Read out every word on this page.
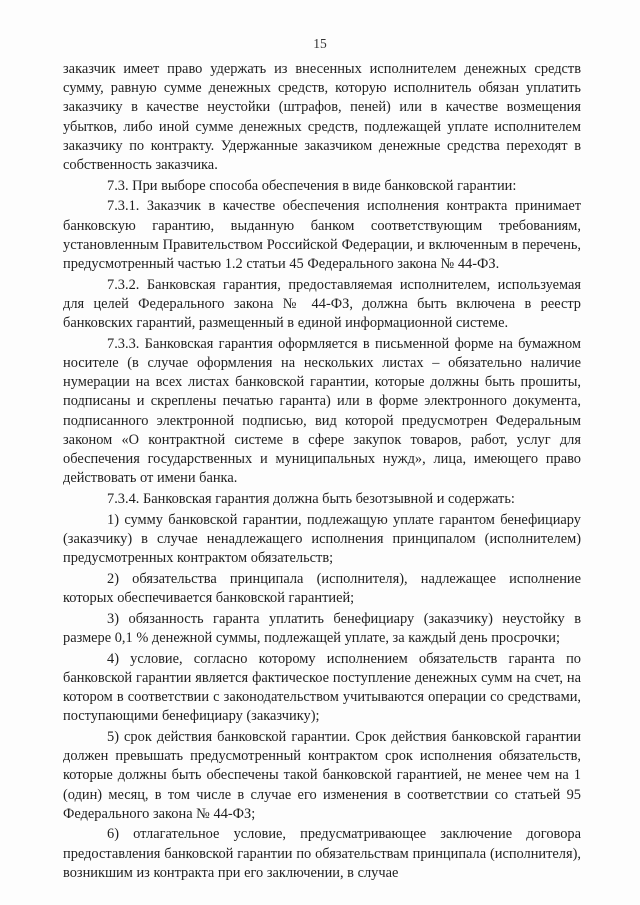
15

заказчик имеет право удержать из внесенных исполнителем денежных средств сумму, равную сумме денежных средств, которую исполнитель обязан уплатить заказчику в качестве неустойки (штрафов, пеней) или в качестве возмещения убытков, либо иной сумме денежных средств, подлежащей уплате исполнителем заказчику по контракту. Удержанные заказчиком денежные средства переходят в собственность заказчика.

7.3. При выборе способа обеспечения в виде банковской гарантии:

7.3.1. Заказчик в качестве обеспечения исполнения контракта принимает банковскую гарантию, выданную банком соответствующим требованиям, установленным Правительством Российской Федерации, и включенным в перечень, предусмотренный частью 1.2 статьи 45 Федерального закона № 44-ФЗ.

7.3.2. Банковская гарантия, предоставляемая исполнителем, используемая для целей Федерального закона № 44-ФЗ, должна быть включена в реестр банковских гарантий, размещенный в единой информационной системе.

7.3.3. Банковская гарантия оформляется в письменной форме на бумажном носителе (в случае оформления на нескольких листах – обязательно наличие нумерации на всех листах банковской гарантии, которые должны быть прошиты, подписаны и скреплены печатью гаранта) или в форме электронного документа, подписанного электронной подписью, вид которой предусмотрен Федеральным законом «О контрактной системе в сфере закупок товаров, работ, услуг для обеспечения государственных и муниципальных нужд», лица, имеющего право действовать от имени банка.

7.3.4. Банковская гарантия должна быть безотзывной и содержать:

1) сумму банковской гарантии, подлежащую уплате гарантом бенефициару (заказчику) в случае ненадлежащего исполнения принципалом (исполнителем) предусмотренных контрактом обязательств;

2) обязательства принципала (исполнителя), надлежащее исполнение которых обеспечивается банковской гарантией;

3) обязанность гаранта уплатить бенефициару (заказчику) неустойку в размере 0,1 % денежной суммы, подлежащей уплате, за каждый день просрочки;

4) условие, согласно которому исполнением обязательств гаранта по банковской гарантии является фактическое поступление денежных сумм на счет, на котором в соответствии с законодательством учитываются операции со средствами, поступающими бенефициару (заказчику);

5) срок действия банковской гарантии. Срок действия банковской гарантии должен превышать предусмотренный контрактом срок исполнения обязательств, которые должны быть обеспечены такой банковской гарантией, не менее чем на 1 (один) месяц, в том числе в случае его изменения в соответствии со статьей 95 Федерального закона № 44-ФЗ;

6) отлагательное условие, предусматривающее заключение договора предоставления банковской гарантии по обязательствам принципала (исполнителя), возникшим из контракта при его заключении, в случае
